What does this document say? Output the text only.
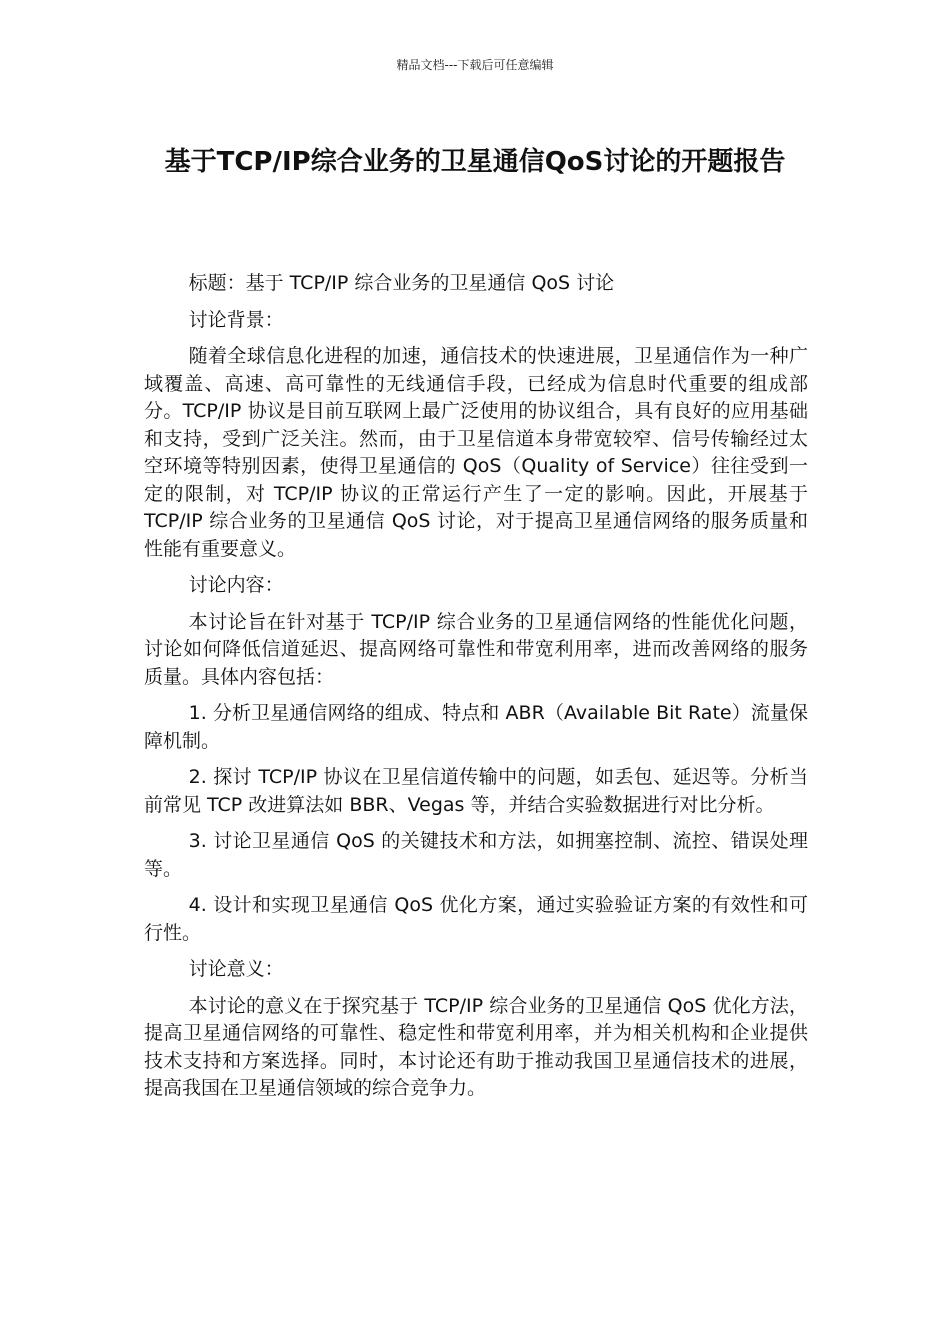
精品文档---下载后可任意编辑
基于TCP/IP综合业务的卫星通信QoS讨论的开题报告

标题：基于 TCP/IP 综合业务的卫星通信 QoS 讨论

讨论背景：

随着全球信息化进程的加速，通信技术的快速进展，卫星通信作为一种广域覆盖、高速、高可靠性的无线通信手段，已经成为信息时代重要的组成部分。TCP/IP 协议是目前互联网上最广泛使用的协议组合，具有良好的应用基础和支持，受到广泛关注。然而，由于卫星信道本身带宽较窄、信号传输经过太空环境等特别因素，使得卫星通信的 QoS（Quality of Service）往往受到一定的限制，对 TCP/IP 协议的正常运行产生了一定的影响。因此，开展基于 TCP/IP 综合业务的卫星通信 QoS 讨论，对于提高卫星通信网络的服务质量和性能有重要意义。

讨论内容：

本讨论旨在针对基于 TCP/IP 综合业务的卫星通信网络的性能优化问题，讨论如何降低信道延迟、提高网络可靠性和带宽利用率，进而改善网络的服务质量。具体内容包括：

1. 分析卫星通信网络的组成、特点和 ABR（Available Bit Rate）流量保障机制。

2. 探讨 TCP/IP 协议在卫星信道传输中的问题，如丢包、延迟等。分析当前常见 TCP 改进算法如 BBR、Vegas 等，并结合实验数据进行对比分析。

3. 讨论卫星通信 QoS 的关键技术和方法，如拥塞控制、流控、错误处理等。

4. 设计和实现卫星通信 QoS 优化方案，通过实验验证方案的有效性和可行性。

讨论意义：

本讨论的意义在于探究基于 TCP/IP 综合业务的卫星通信 QoS 优化方法，提高卫星通信网络的可靠性、稳定性和带宽利用率，并为相关机构和企业提供技术支持和方案选择。同时，本讨论还有助于推动我国卫星通信技术的进展，提高我国在卫星通信领域的综合竞争力。
